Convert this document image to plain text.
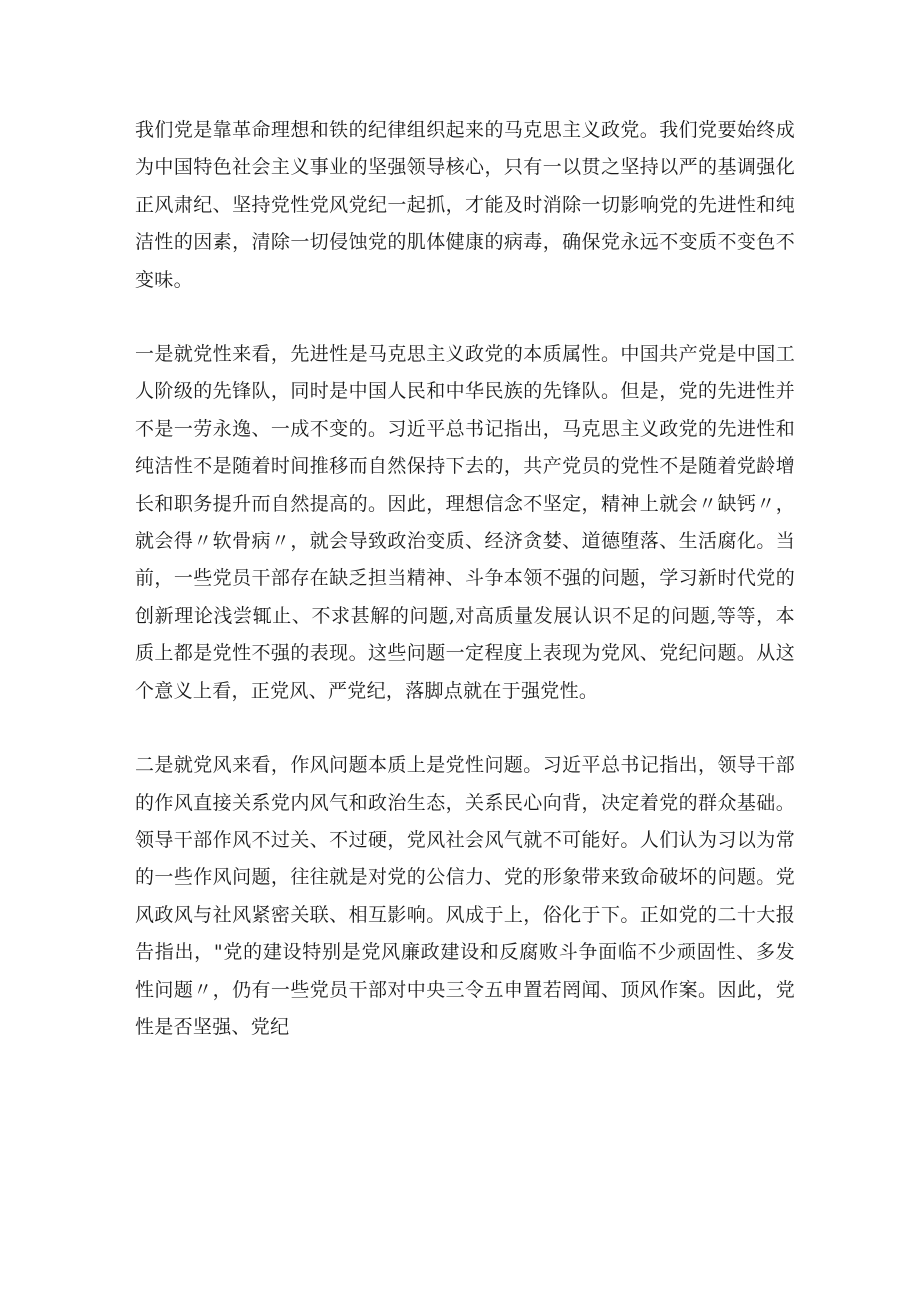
我们党是靠革命理想和铁的纪律组织起来的马克思主义政党。我们党要始终成为中国特色社会主义事业的坚强领导核心，只有一以贯之坚持以严的基调强化正风肃纪、坚持党性党风党纪一起抓，才能及时消除一切影响党的先进性和纯洁性的因素，清除一切侵蚀党的肌体健康的病毒，确保党永远不变质不变色不变味。

一是就党性来看，先进性是马克思主义政党的本质属性。中国共产党是中国工人阶级的先锋队，同时是中国人民和中华民族的先锋队。但是，党的先进性并不是一劳永逸、一成不变的。习近平总书记指出，马克思主义政党的先进性和纯洁性不是随着时间推移而自然保持下去的，共产党员的党性不是随着党龄增长和职务提升而自然提高的。因此，理想信念不坚定，精神上就会〃缺钙〃，就会得〃软骨病〃，就会导致政治变质、经济贪婪、道德堕落、生活腐化。当前，一些党员干部存在缺乏担当精神、斗争本领不强的问题，学习新时代党的创新理论浅尝辄止、不求甚解的问题,对高质量发展认识不足的问题,等等，本质上都是党性不强的表现。这些问题一定程度上表现为党风、党纪问题。从这个意义上看，正党风、严党纪，落脚点就在于强党性。

二是就党风来看，作风问题本质上是党性问题。习近平总书记指出，领导干部的作风直接关系党内风气和政治生态，关系民心向背，决定着党的群众基础。领导干部作风不过关、不过硬，党风社会风气就不可能好。人们认为习以为常的一些作风问题，往往就是对党的公信力、党的形象带来致命破坏的问题。党风政风与社风紧密关联、相互影响。风成于上，俗化于下。正如党的二十大报告指出，"党的建设特别是党风廉政建设和反腐败斗争面临不少顽固性、多发性问题〃，仍有一些党员干部对中央三令五申置若罔闻、顶风作案。因此，党性是否坚强、党纪
